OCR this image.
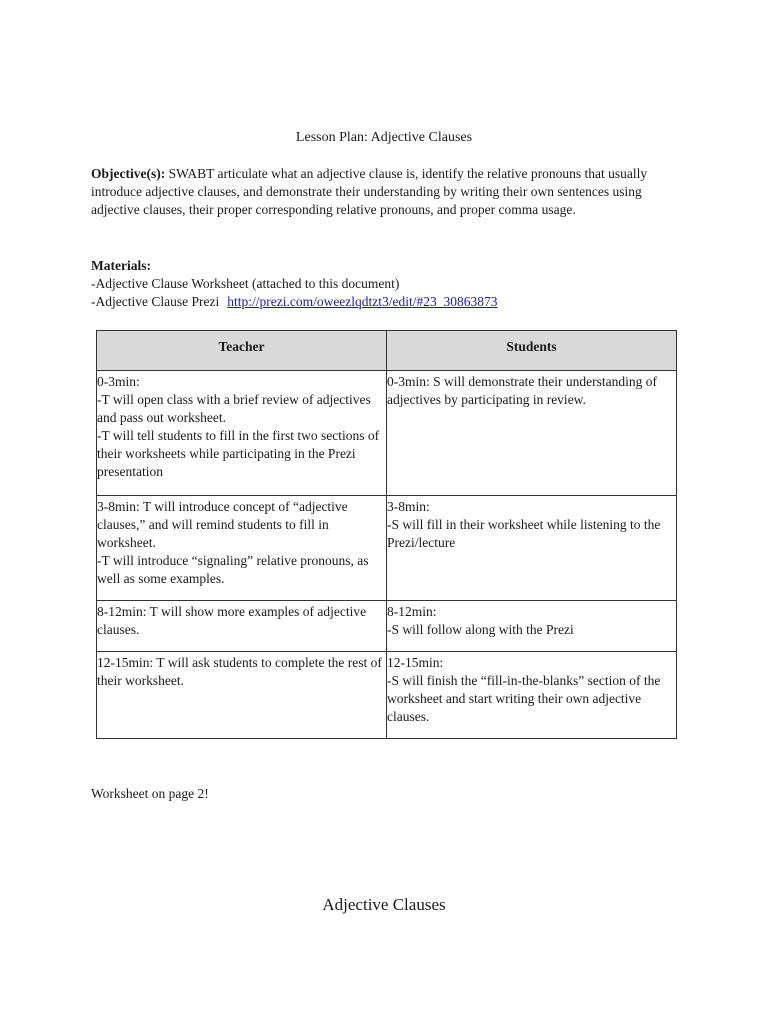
Lesson Plan: Adjective Clauses
Objective(s): SWABT articulate what an adjective clause is, identify the relative pronouns that usually introduce adjective clauses, and demonstrate their understanding by writing their own sentences using adjective clauses, their proper corresponding relative pronouns, and proper comma usage.
Materials:
-Adjective Clause Worksheet (attached to this document)
-Adjective Clause Prezi http://prezi.com/oweezlqdtzt3/edit/#23_30863873
Teacher	Students

0-3min:
-T will open class with a brief review of adjectives and pass out worksheet.
-T will tell students to fill in the first two sections of their worksheets while participating in the Prezi presentation	0-3min: S will demonstrate their understanding of adjectives by participating in review.

3-8min: T will introduce concept of “adjective clauses,” and will remind students to fill in worksheet.
-T will introduce “signaling” relative pronouns, as well as some examples.	3-8min:
-S will fill in their worksheet while listening to the Prezi/lecture

8-12min: T will show more examples of adjective clauses.	8-12min:
-S will follow along with the Prezi

12-15min: T will ask students to complete the rest of their worksheet.	12-15min:
-S will finish the “fill-in-the-blanks” section of the worksheet and start writing their own adjective clauses.
Worksheet on page 2!
Adjective Clauses
